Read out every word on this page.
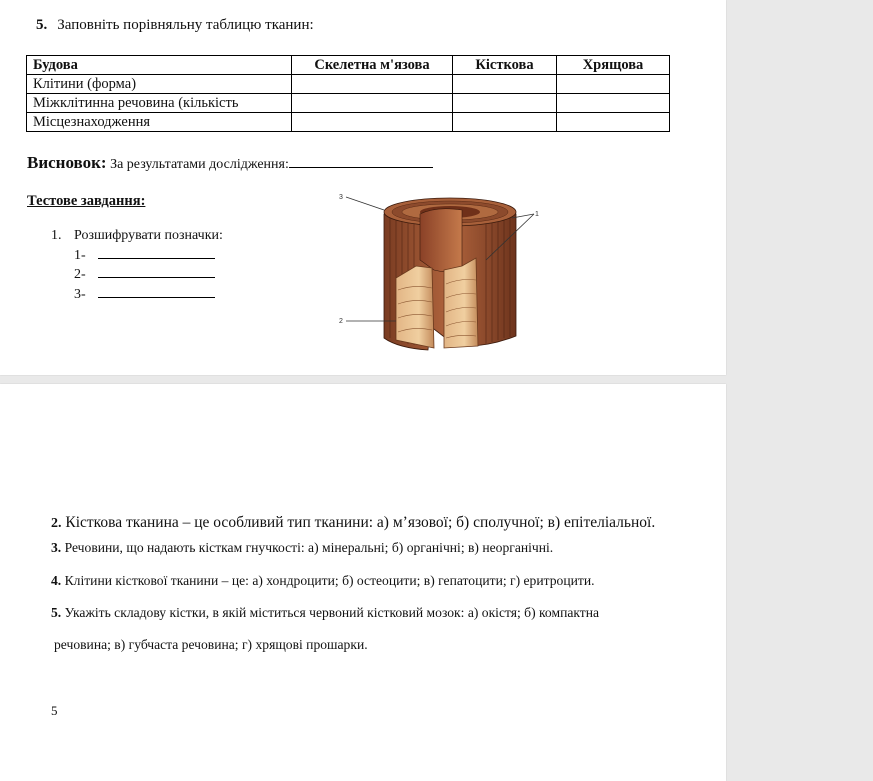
5. Заповніть порівняльну таблицю тканин:
Будова	Скелетна м'язова	Кісткова	Хрящова
Клітини (форма)			
Міжклітинна речовина (кількість			
Місцезнаходження			
Висновок: За результатами дослідження:
Тестове завдання:
1. Розшифрувати позначки:
1-
2-
3-
3
1
2
2. Кісткова тканина – це особливий тип тканини: а) м’язової; б) сполучної; в) епітеліальної.
3. Речовини, що надають кісткам гнучкості: а) мінеральні; б) органічні; в) неорганічні.
4. Клітини кісткової тканини – це: а) хондроцити; б) остеоцити; в) гепатоцити; г) еритроцити.
5. Укажіть складову кістки, в якій міститься червоний кістковий мозок: а) окістя; б) компактна
речовина; в) губчаста речовина; г) хрящові прошарки.
5
